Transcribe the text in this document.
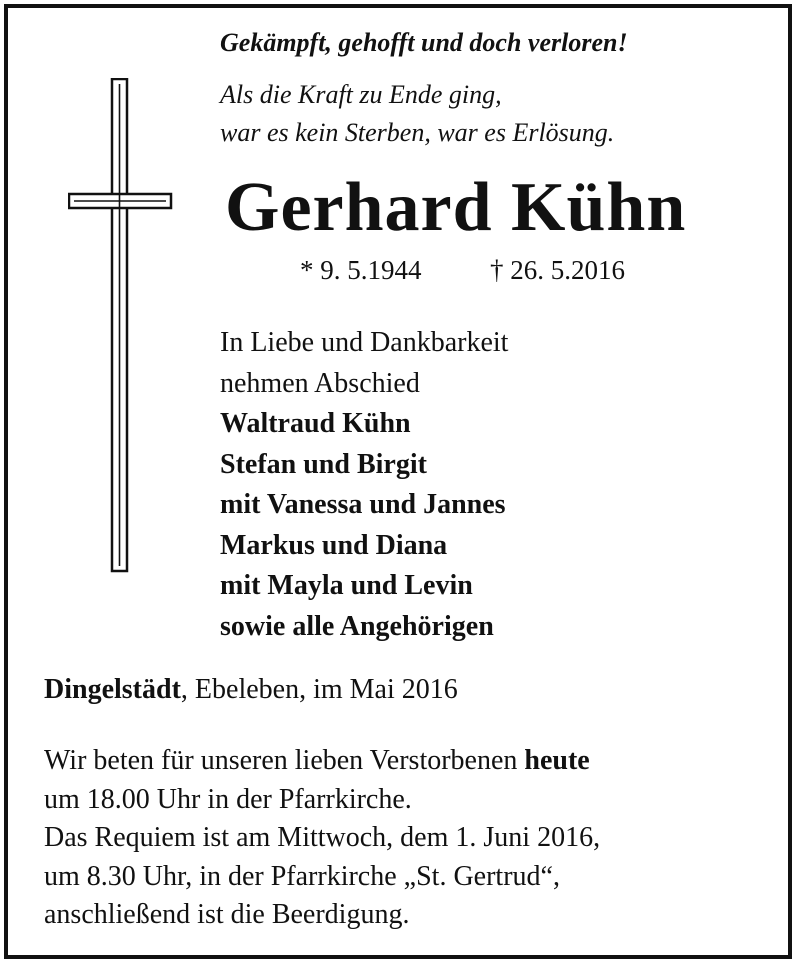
Gekämpft, gehofft und doch verloren!
Als die Kraft zu Ende ging,
war es kein Sterben, war es Erlösung.
Gerhard Kühn
* 9. 5.1944	† 26. 5.2016
In Liebe und Dankbarkeit
nehmen Abschied
Waltraud Kühn
Stefan und Birgit
mit Vanessa und Jannes
Markus und Diana
mit Mayla und Levin
sowie alle Angehörigen
Dingelstädt, Ebeleben, im Mai 2016
Wir beten für unseren lieben Verstorbenen heute
um 18.00 Uhr in der Pfarrkirche.
Das Requiem ist am Mittwoch, dem 1. Juni 2016,
um 8.30 Uhr, in der Pfarrkirche „St. Gertrud“,
anschließend ist die Beerdigung.
